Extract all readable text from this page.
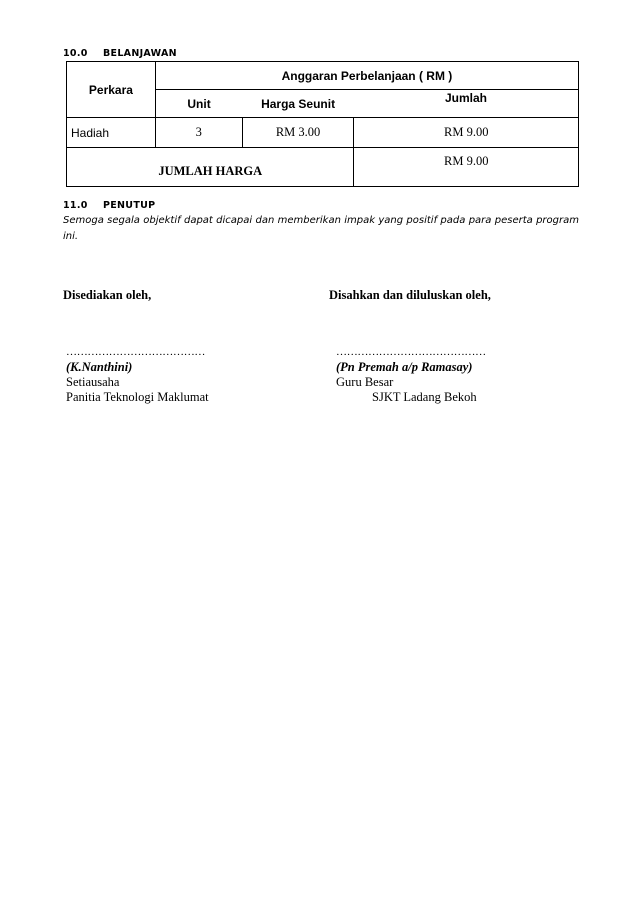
10.0 BELANJAWAN
Perkara	Anggaran Perbelanjaan ( RM )		
	Unit	Harga Seunit	Jumlah
Hadiah	3	RM 3.00	RM 9.00
JUMLAH HARGA			RM 9.00
11.0 PENUTUP
Semoga segala objektif dapat dicapai dan memberikan impak yang positif pada para peserta program ini.
Disediakan oleh,	Disahkan dan diluluskan oleh,
…………………………………
(K.Nanthini)
Setiausaha
Panitia Teknologi Maklumat
……………………………………
(Pn Premah a/p Ramasay)
Guru Besar
SJKT Ladang Bekoh
